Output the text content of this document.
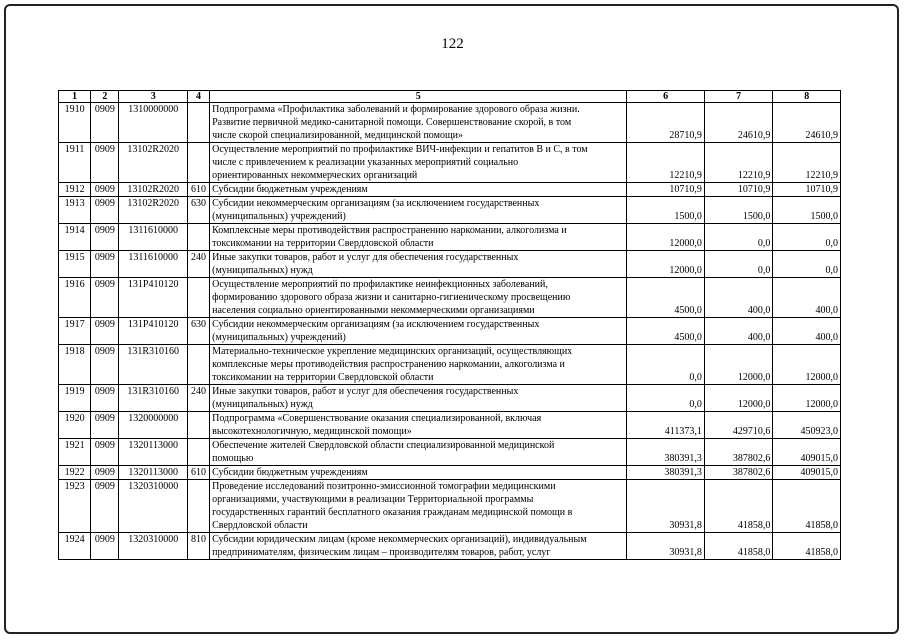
122
1	2	3	4	5	6	7	8
1910	0909	1310000000		Подпрограмма «Профилактика заболеваний и формирование здорового образа жизни.
Развитие первичной медико-санитарной помощи. Совершенствование скорой, в том
числе скорой специализированной, медицинской помощи»	28710,9	24610,9	24610,9
1911	0909	13102R2020		Осуществление мероприятий по профилактике ВИЧ-инфекции и гепатитов В и С, в том
числе с привлечением к реализации указанных мероприятий социально
ориентированных некоммерческих организаций	12210,9	12210,9	12210,9
1912	0909	13102R2020	610	Субсидии бюджетным учреждениям	10710,9	10710,9	10710,9
1913	0909	13102R2020	630	Субсидии некоммерческим организациям (за исключением государственных
(муниципальных) учреждений)	1500,0	1500,0	1500,0
1914	0909	1311610000		Комплексные меры противодействия распространению наркомании, алкоголизма и
токсикомании на территории Свердловской области	12000,0	0,0	0,0
1915	0909	1311610000	240	Иные закупки товаров, работ и услуг для обеспечения государственных
(муниципальных) нужд	12000,0	0,0	0,0
1916	0909	131P410120		Осуществление мероприятий по профилактике неинфекционных заболеваний,
формированию здорового образа жизни и санитарно-гигиеническому просвещению
населения социально ориентированными некоммерческими организациями	4500,0	400,0	400,0
1917	0909	131P410120	630	Субсидии некоммерческим организациям (за исключением государственных
(муниципальных) учреждений)	4500,0	400,0	400,0
1918	0909	131R310160		Материально-техническое укрепление медицинских организаций, осуществляющих
комплексные меры противодействия распространению наркомании, алкоголизма и
токсикомании на территории Свердловской области	0,0	12000,0	12000,0
1919	0909	131R310160	240	Иные закупки товаров, работ и услуг для обеспечения государственных
(муниципальных) нужд	0,0	12000,0	12000,0
1920	0909	1320000000		Подпрограмма «Совершенствование оказания специализированной, включая
высокотехнологичную, медицинской помощи»	411373,1	429710,6	450923,0
1921	0909	1320113000		Обеспечение жителей Свердловской области специализированной медицинской
помощью	380391,3	387802,6	409015,0
1922	0909	1320113000	610	Субсидии бюджетным учреждениям	380391,3	387802,6	409015,0
1923	0909	1320310000		Проведение исследований позитронно-эмиссионной томографии медицинскими
организациями, участвующими в реализации Территориальной программы
государственных гарантий бесплатного оказания гражданам медицинской помощи в
Свердловской области	30931,8	41858,0	41858,0
1924	0909	1320310000	810	Субсидии юридическим лицам (кроме некоммерческих организаций), индивидуальным
предпринимателям, физическим лицам – производителям товаров, работ, услуг	30931,8	41858,0	41858,0
